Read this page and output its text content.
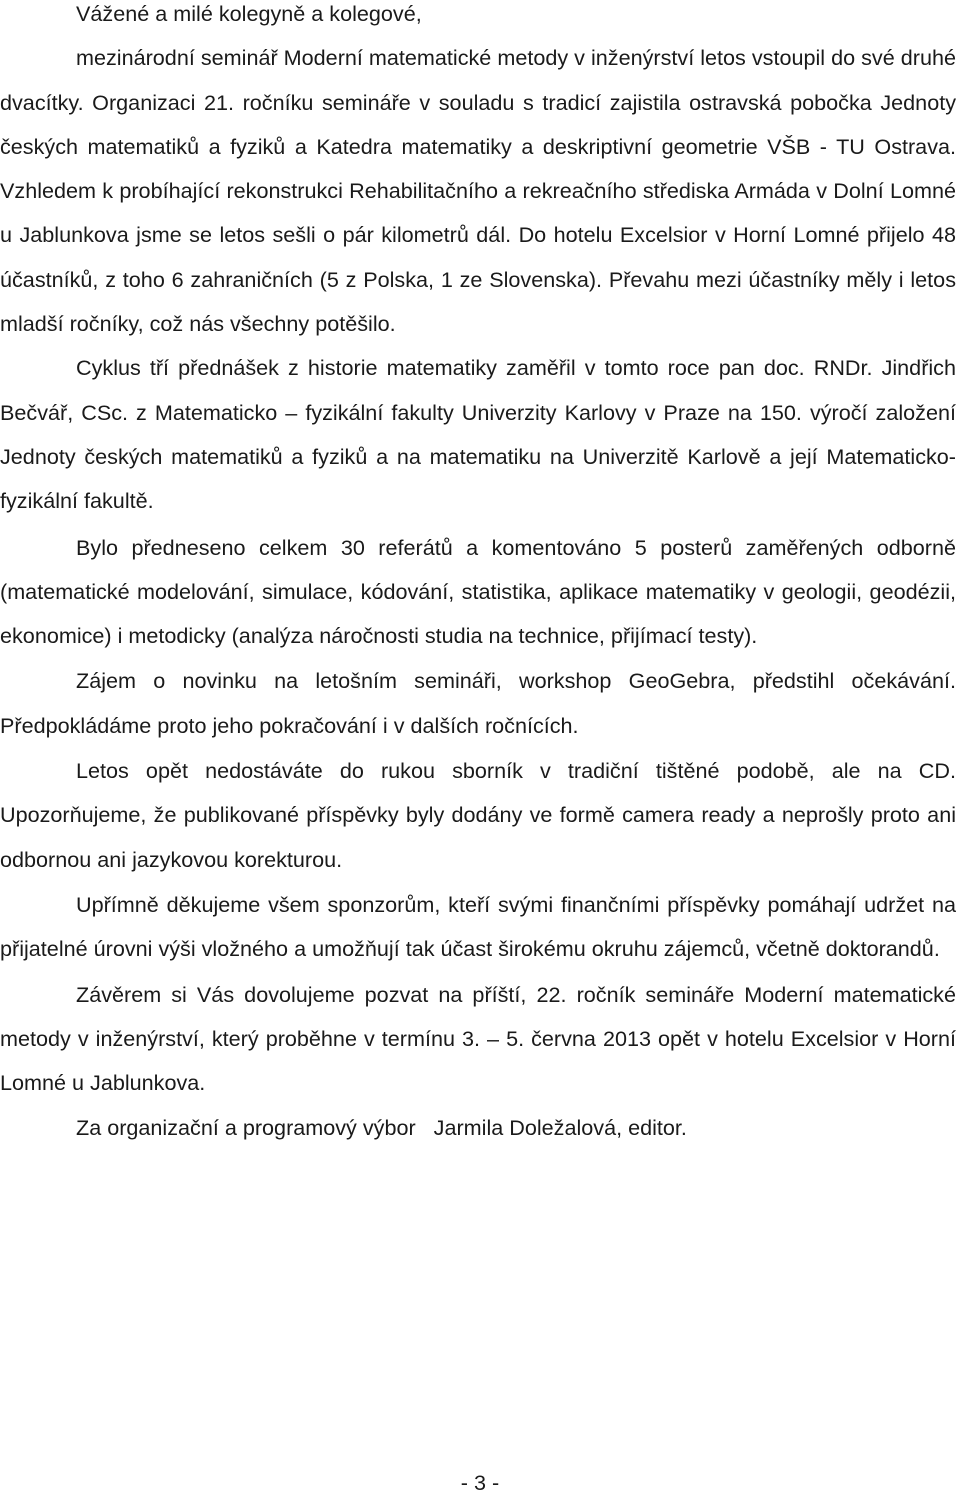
Vážené a milé kolegyně a kolegové,

mezinárodní seminář Moderní matematické metody v inženýrství letos vstoupil do své druhé dvacítky. Organizaci 21. ročníku semináře v souladu s tradicí zajistila ostravská pobočka Jednoty českých matematiků a fyziků a Katedra matematiky a deskriptivní geometrie VŠB - TU Ostrava. Vzhledem k probíhající rekonstrukci Rehabilitačního a rekreačního střediska Armáda v Dolní Lomné u Jablunkova jsme se letos sešli o pár kilometrů dál. Do hotelu Excelsior v Horní Lomné přijelo 48 účastníků, z toho 6 zahraničních (5 z Polska, 1 ze Slovenska). Převahu mezi účastníky měly i letos mladší ročníky, což nás všechny potěšilo.

Cyklus tří přednášek z historie matematiky zaměřil v tomto roce pan doc. RNDr. Jindřich Bečvář, CSc. z Matematicko – fyzikální fakulty Univerzity Karlovy v Praze na 150. výročí založení Jednoty českých matematiků a fyziků a na matematiku na Univerzitě Karlově a její Matematicko-fyzikální fakultě.

Bylo předneseno celkem 30 referátů a komentováno 5 posterů zaměřených odborně (matematické modelování, simulace, kódování, statistika, aplikace matematiky v geologii, geodézii, ekonomice) i metodicky (analýza náročnosti studia na technice, přijímací testy).

Zájem o novinku na letošním semináři, workshop GeoGebra, předstihl očekávání. Předpokládáme proto jeho pokračování i v dalších ročnících.

Letos opět nedostáváte do rukou sborník v tradiční tištěné podobě, ale na CD. Upozorňujeme, že publikované příspěvky byly dodány ve formě camera ready a neprošly proto ani odbornou ani jazykovou korekturou.

Upřímně děkujeme všem sponzorům, kteří svými finančními příspěvky pomáhají udržet na přijatelné úrovni výši vložného a umožňují tak účast širokému okruhu zájemců, včetně doktorandů.

Závěrem si Vás dovolujeme pozvat na příští, 22. ročník semináře Moderní matematické metody v inženýrství, který proběhne v termínu 3. – 5. června 2013 opět v hotelu Excelsior v Horní Lomné u Jablunkova.

Za organizační a programový výbor   Jarmila Doležalová, editor.

- 3 -
